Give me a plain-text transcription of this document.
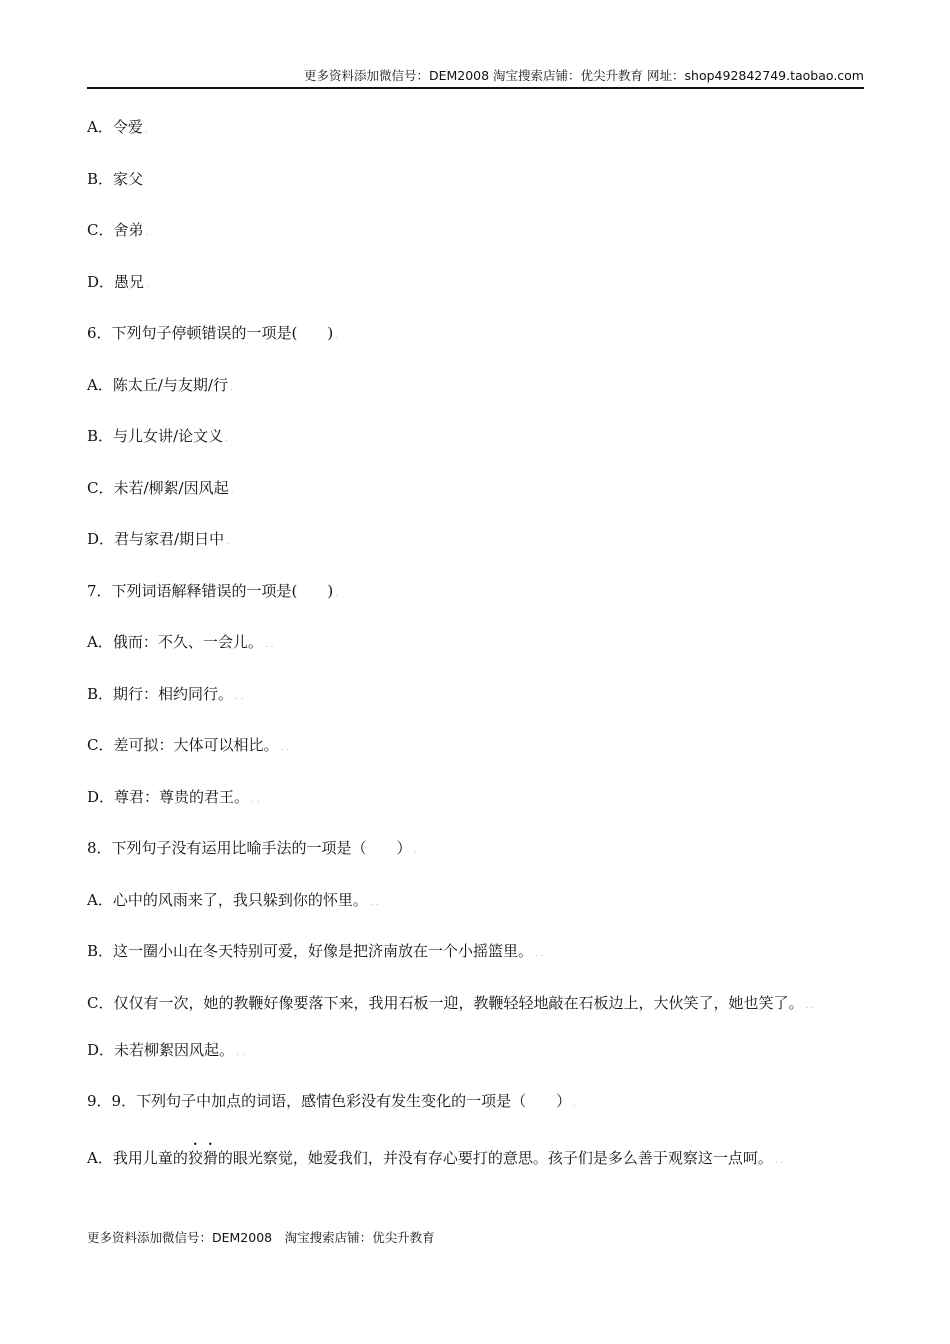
更多资料添加微信号：DEM2008 淘宝搜索店铺：优尖升教育 网址：shop492842749.taobao.com

A．令爱 .

B．家父

C．舍弟 .

D．愚兄 .

6．下列句子停顿错误的一项是(　　) .

A．陈太丘/与友期/行 .

B．与儿女讲/论文义 .

C．未若/柳絮/因风起 .

D．君与家君/期日中 .

7．下列词语解释错误的一项是(　　) .

A．俄而：不久、一会儿。 . .

B．期行：相约同行。 . .

C．差可拟：大体可以相比。 . .

D．尊君：尊贵的君王。 . .

8．下列句子没有运用比喻手法的一项是（　　） .

A．心中的风雨来了，我只躲到你的怀里。 . .

B．这一圈小山在冬天特别可爱，好像是把济南放在一个小摇篮里。 . .

C．仅仅有一次，她的教鞭好像要落下来，我用石板一迎，教鞭轻轻地敲在石板边上，大伙笑了，她也笑了。 . .

D．未若柳絮因风起。 . .

9．9．下列句子中加点的词语，感情色彩没有发生变化的一项是（　　） .

A．我用儿童的狡猾的眼光察觉，她爱我们，并没有存心要打的意思。孩子们是多么善于观察这一点呵。 . .

更多资料添加微信号：DEM2008　淘宝搜索店铺：优尖升教育
